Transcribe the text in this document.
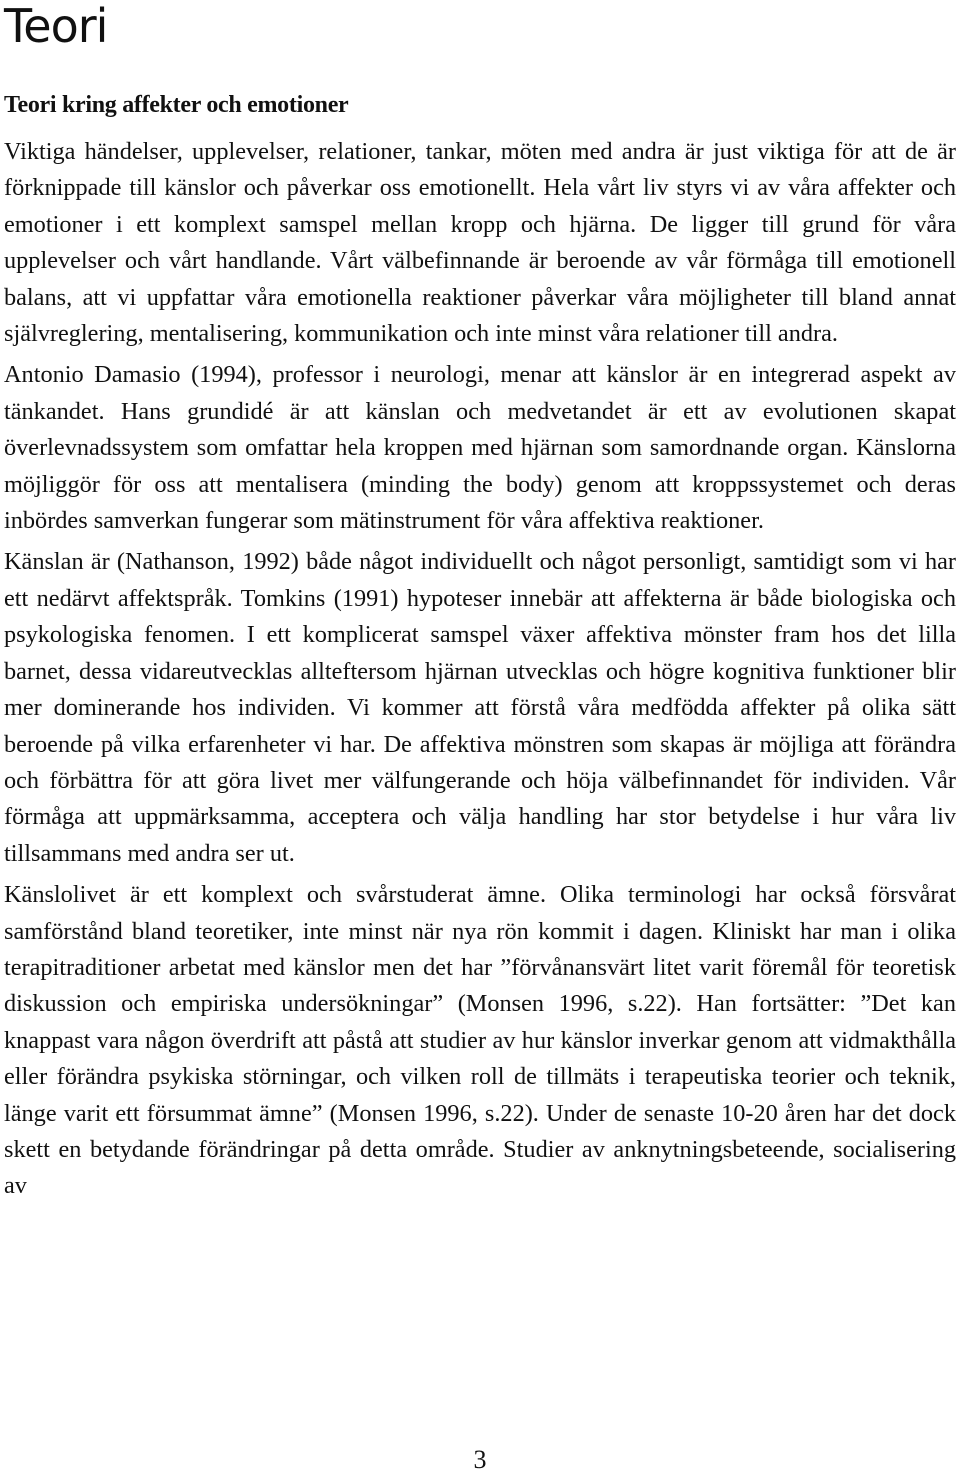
Teori
Teori kring affekter och emotioner

Viktiga händelser, upplevelser, relationer, tankar, möten med andra är just viktiga för att de är förknippade till känslor och påverkar oss emotionellt. Hela vårt liv styrs vi av våra affekter och emotioner i ett komplext samspel mellan kropp och hjärna. De ligger till grund för våra upplevelser och vårt handlande. Vårt välbefinnande är beroende av vår förmåga till emotionell balans, att vi uppfattar våra emotionella reaktioner påverkar våra möjligheter till bland annat självreglering, mentalisering, kommunikation och inte minst våra relationer till andra.

Antonio Damasio (1994), professor i neurologi, menar att känslor är en integrerad aspekt av tänkandet. Hans grundidé är att känslan och medvetandet är ett av evolutionen skapat överlevnadssystem som omfattar hela kroppen med hjärnan som samordnande organ. Känslorna möjliggör för oss att mentalisera (minding the body) genom att kroppssystemet och deras inbördes samverkan fungerar som mätinstrument för våra affektiva reaktioner.

Känslan är (Nathanson, 1992) både något individuellt och något personligt, samtidigt som vi har ett nedärvt affektspråk. Tomkins (1991) hypoteser innebär att affekterna är både biologiska och psykologiska fenomen. I ett komplicerat samspel växer affektiva mönster fram hos det lilla barnet, dessa vidareutvecklas allteftersom hjärnan utvecklas och högre kognitiva funktioner blir mer dominerande hos individen. Vi kommer att förstå våra medfödda affekter på olika sätt beroende på vilka erfarenheter vi har. De affektiva mönstren som skapas är möjliga att förändra och förbättra för att göra livet mer välfungerande och höja välbefinnandet för individen. Vår förmåga att uppmärksamma, acceptera och välja handling har stor betydelse i hur våra liv tillsammans med andra ser ut.

Känslolivet är ett komplext och svårstuderat ämne. Olika terminologi har också försvårat samförstånd bland teoretiker, inte minst när nya rön kommit i dagen. Kliniskt har man i olika terapitraditioner arbetat med känslor men det har ”förvånansvärt litet varit föremål för teoretisk diskussion och empiriska undersökningar” (Monsen 1996, s.22). Han fortsätter: ”Det kan knappast vara någon överdrift att påstå att studier av hur känslor inverkar genom att vidmakthålla eller förändra psykiska störningar, och vilken roll de tillmäts i terapeutiska teorier och teknik, länge varit ett försummat ämne” (Monsen 1996, s.22). Under de senaste 10-20 åren har det dock skett en betydande förändringar på detta område. Studier av anknytningsbeteende, socialisering av

3
